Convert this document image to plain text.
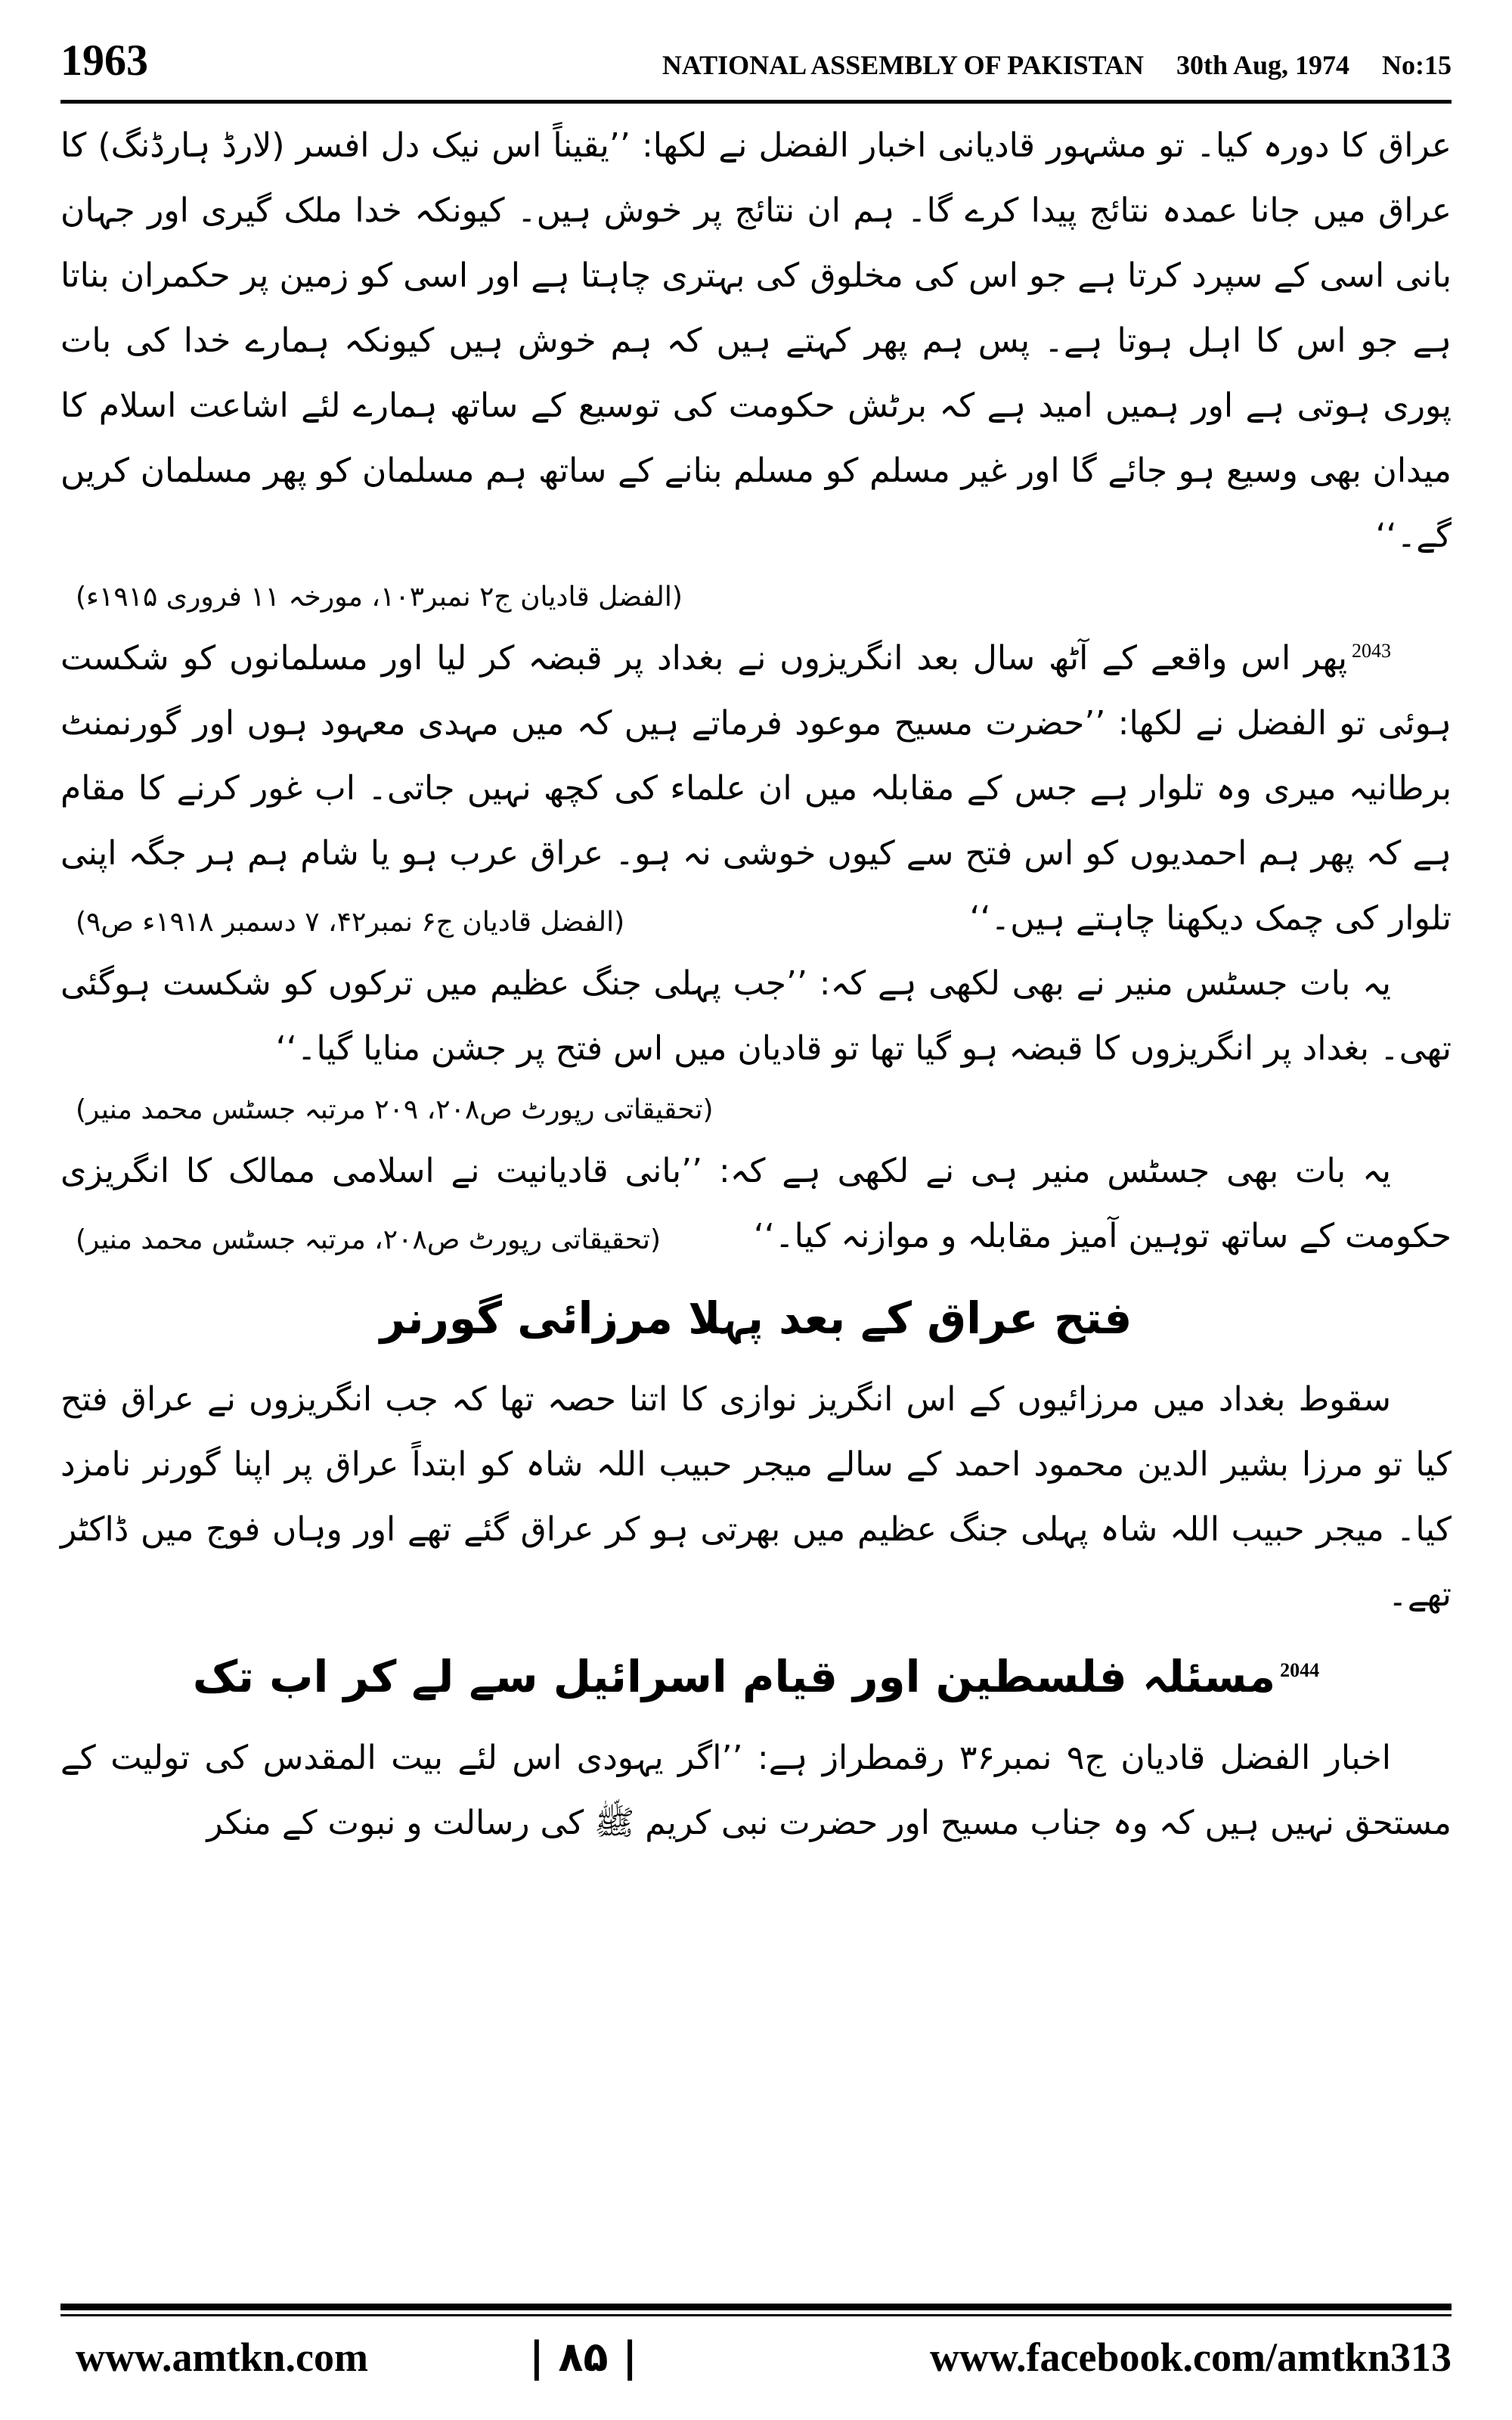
1963	NATIONAL ASSEMBLY OF PAKISTAN 30th Aug, 1974 No:15

عراق کا دورہ کیا۔ تو مشہور قادیانی اخبار الفضل نے لکھا: ’’یقیناً اس نیک دل افسر (لارڈ ہارڈنگ) کا عراق میں جانا عمدہ نتائج پیدا کرے گا۔ ہم ان نتائج پر خوش ہیں۔ کیونکہ خدا ملک گیری اور جہان بانی اسی کے سپرد کرتا ہے جو اس کی مخلوق کی بہتری چاہتا ہے اور اسی کو زمین پر حکمران بناتا ہے جو اس کا اہل ہوتا ہے۔ پس ہم پھر کہتے ہیں کہ ہم خوش ہیں کیونکہ ہمارے خدا کی بات پوری ہوتی ہے اور ہمیں امید ہے کہ برٹش حکومت کی توسیع کے ساتھ ہمارے لئے اشاعت اسلام کا میدان بھی وسیع ہو جائے گا اور غیر مسلم کو مسلم بنانے کے ساتھ ہم مسلمان کو پھر مسلمان کریں گے۔‘‘

(الفضل قادیان ج۲ نمبر۱۰۳، مورخہ ۱۱ فروری ۱۹۱۵ء)

$^{2043}$پھر اس واقعے کے آٹھ سال بعد انگریزوں نے بغداد پر قبضہ کر لیا اور مسلمانوں کو شکست ہوئی تو الفضل نے لکھا: ’’حضرت مسیح موعود فرماتے ہیں کہ میں مہدی معہود ہوں اور گورنمنٹ برطانیہ میری وہ تلوار ہے جس کے مقابلہ میں ان علماء کی کچھ نہیں جاتی۔ اب غور کرنے کا مقام ہے کہ پھر ہم احمدیوں کو اس فتح سے کیوں خوشی نہ ہو۔ عراق عرب ہو یا شام ہم ہر جگہ اپنی تلوار کی چمک دیکھنا چاہتے ہیں۔‘‘

(الفضل قادیان ج۶ نمبر۴۲، ۷ دسمبر ۱۹۱۸ء ص۹)

یہ بات جسٹس منیر نے بھی لکھی ہے کہ: ’’جب پہلی جنگ عظیم میں ترکوں کو شکست ہوگئی تھی۔ بغداد پر انگریزوں کا قبضہ ہو گیا تھا تو قادیان میں اس فتح پر جشن منایا گیا۔‘‘

(تحقیقاتی رپورٹ ص۲۰۸، ۲۰۹ مرتبہ جسٹس محمد منیر)

یہ بات بھی جسٹس منیر ہی نے لکھی ہے کہ: ’’بانی قادیانیت نے اسلامی ممالک کا انگریزی حکومت کے ساتھ توہین آمیز مقابلہ و موازنہ کیا۔‘‘

(تحقیقاتی رپورٹ ص۲۰۸، مرتبہ جسٹس محمد منیر)

فتح عراق کے بعد پہلا مرزائی گورنر

سقوط بغداد میں مرزائیوں کے اس انگریز نوازی کا اتنا حصہ تھا کہ جب انگریزوں نے عراق فتح کیا تو مرزا بشیر الدین محمود احمد کے سالے میجر حبیب اللہ شاہ کو ابتداً عراق پر اپنا گورنر نامزد کیا۔ میجر حبیب اللہ شاہ پہلی جنگ عظیم میں بھرتی ہو کر عراق گئے تھے اور وہاں فوج میں ڈاکٹر تھے۔

$^{2044}$مسئلہ فلسطین اور قیام اسرائیل سے لے کر اب تک

اخبار الفضل قادیان ج۹ نمبر۳۶ رقمطراز ہے: ’’اگر یہودی اس لئے بیت المقدس کی تولیت کے مستحق نہیں ہیں کہ وہ جناب مسیح اور حضرت نبی کریم ﷺ کی رسالت و نبوت کے منکر

www.amtkn.com	| ۸۵ |	www.facebook.com/amtkn313
